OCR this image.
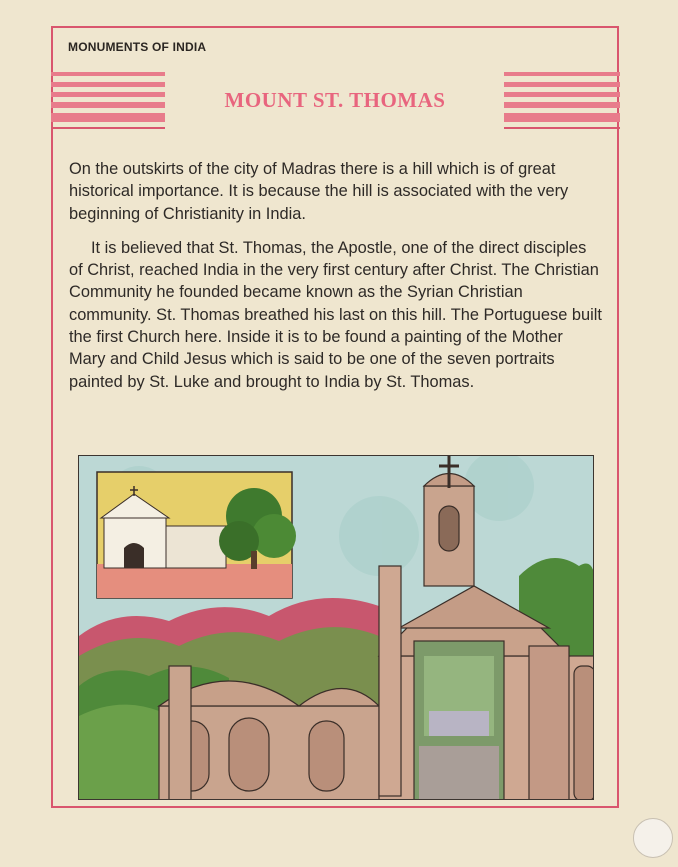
MONUMENTS OF INDIA
MOUNT ST. THOMAS

On the outskirts of the city of Madras there is a hill which is of great historical importance. It is because the hill is associated with the very beginning of Christianity in India.

It is believed that St. Thomas, the Apostle, one of the direct disciples of Christ, reached India in the very first century after Christ. The Christian Community he founded became known as the Syrian Christian community. St. Thomas breathed his last on this hill. The Portuguese built the first Church here. Inside it is to be found a painting of the Mother Mary and Child Jesus which is said to be one of the seven portraits painted by St. Luke and brought to India by St. Thomas.
